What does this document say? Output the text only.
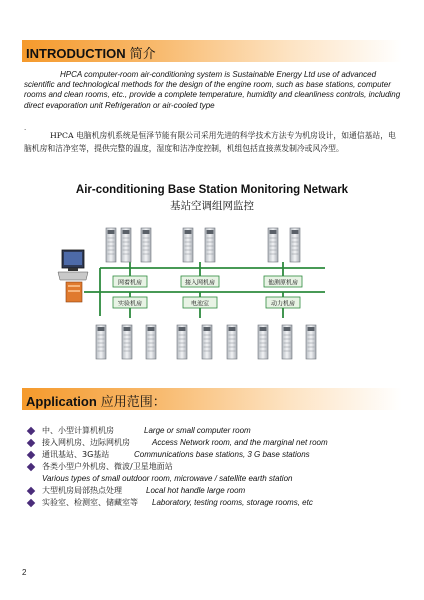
INTRODUCTION 简介

HPCA computer-room air-conditioning system is Sustainable Energy Ltd use of advanced scientific and technological methods for the design of the engine room, such as base stations, computer rooms and clean rooms, etc., provide a complete temperature, humidity and cleanliness controls, including direct evaporation unit Refrigeration or air-cooled type

.

HPCA 电脑机房机系统是恒泽节能有限公司采用先进的科学技术方法专为机房设计，如通信基站，电脑机房和洁净室等，提供完整的温度，湿度和洁净度控制，机组包括直接蒸发制冷或风冷型。

Air-conditioning Base Station Monitoring Netwark
基站空调组网监控
网着机房	接入网机房	他测原机房
实验机房	电池室	动力机房
Application 应用范围：
中、小型计算机机房	Large or small computer room
接入网机房、边际网机房	Access Network room, and the marginal net room
通讯基站、3G基站	Communications base stations, 3 G base stations
各类小型户外机房、微波/卫星地面站
Various types of small outdoor room, microwave / satellite earth station
大型机房局部热点处理	Local hot handle large room
实验室、检测室、储藏室等 Laboratory, testing rooms, storage rooms, etc
2
